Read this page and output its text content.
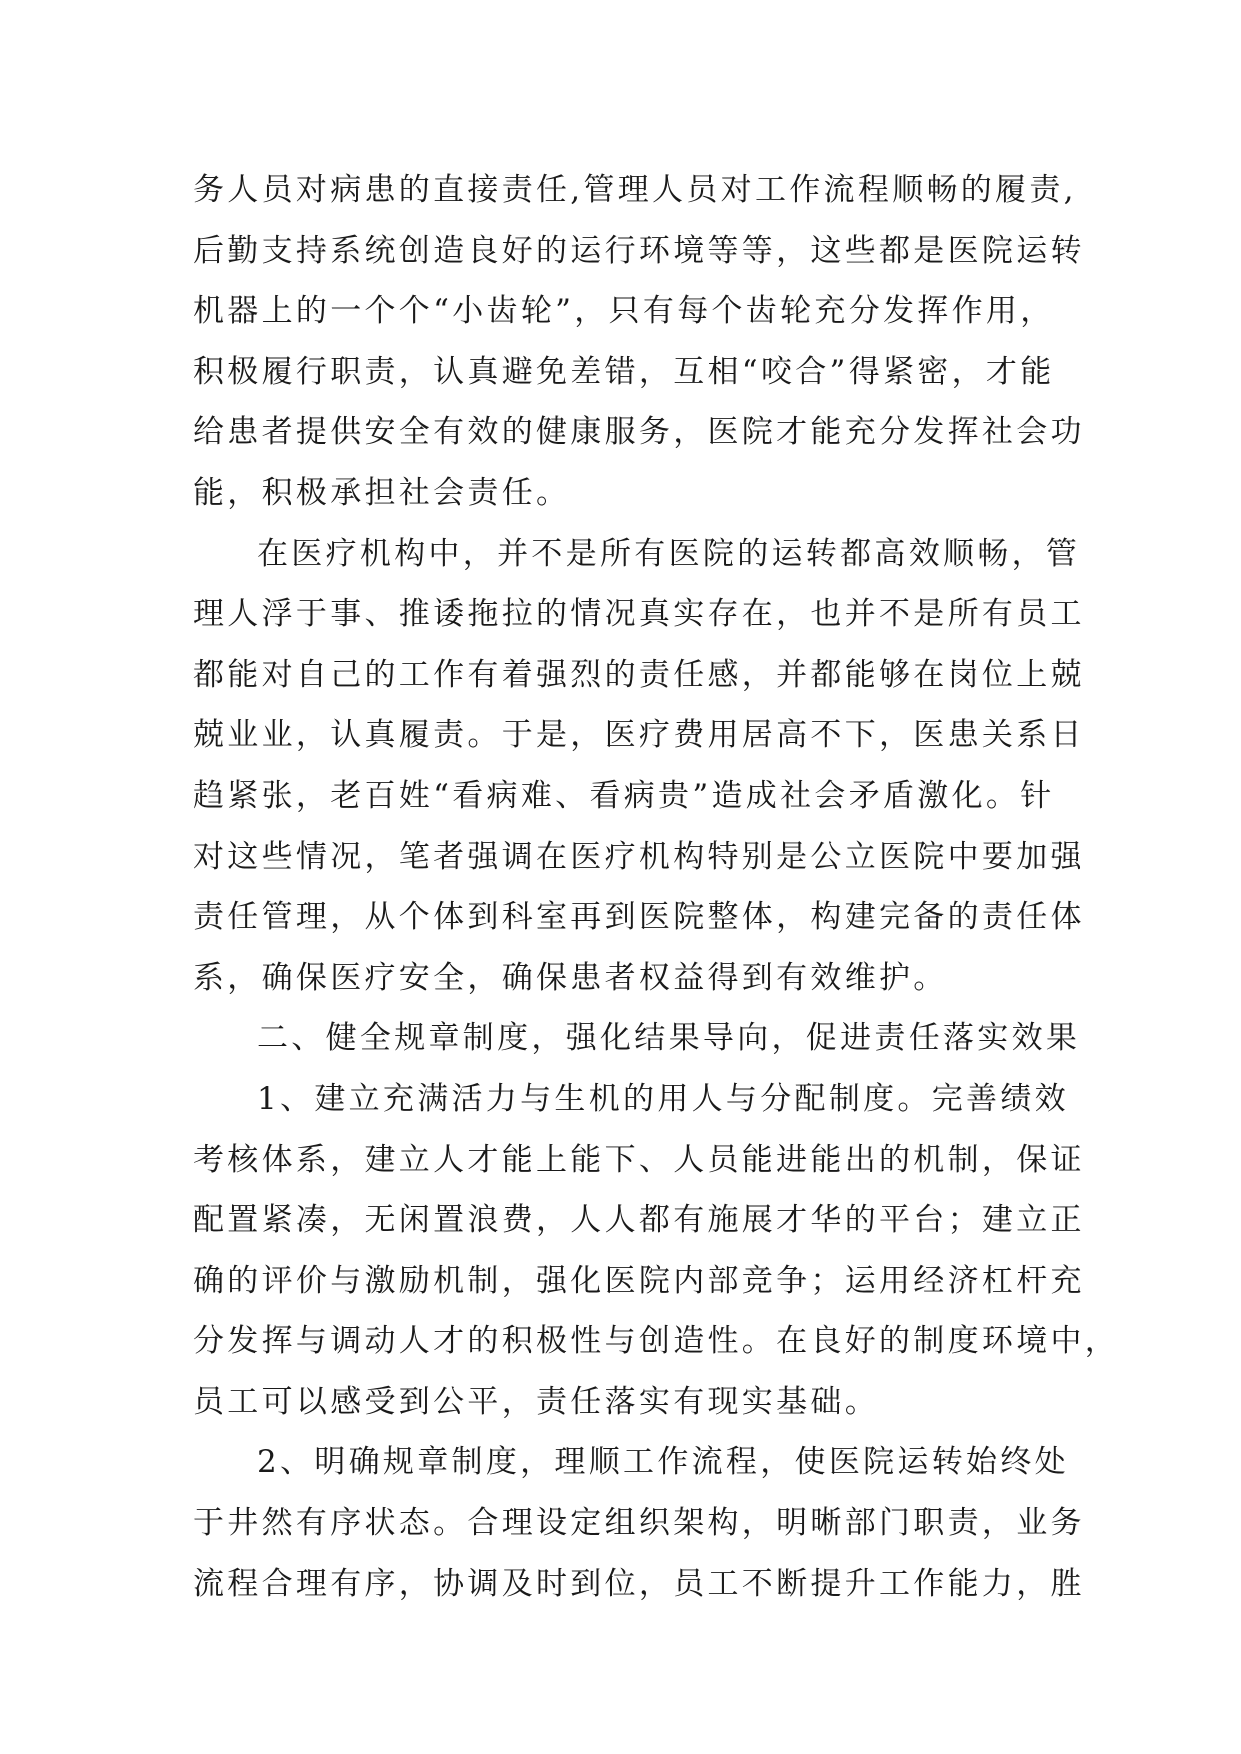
务人员对病患的直接责任,管理人员对工作流程顺畅的履责,
后勤支持系统创造良好的运行环境等等，这些都是医院运转
机器上的一个个“小齿轮”，只有每个齿轮充分发挥作用，
积极履行职责，认真避免差错，互相“咬合”得紧密，才能
给患者提供安全有效的健康服务，医院才能充分发挥社会功
能，积极承担社会责任。
在医疗机构中，并不是所有医院的运转都高效顺畅，管
理人浮于事、推诿拖拉的情况真实存在，也并不是所有员工
都能对自己的工作有着强烈的责任感，并都能够在岗位上兢
兢业业，认真履责。于是，医疗费用居高不下，医患关系日
趋紧张，老百姓“看病难、看病贵”造成社会矛盾激化。针
对这些情况，笔者强调在医疗机构特别是公立医院中要加强
责任管理，从个体到科室再到医院整体，构建完备的责任体
系，确保医疗安全，确保患者权益得到有效维护。
二、健全规章制度，强化结果导向，促进责任落实效果
1、建立充满活力与生机的用人与分配制度。完善绩效
考核体系，建立人才能上能下、人员能进能出的机制，保证
配置紧凑，无闲置浪费，人人都有施展才华的平台；建立正
确的评价与激励机制，强化医院内部竞争；运用经济杠杆充
分发挥与调动人才的积极性与创造性。在良好的制度环境中，
员工可以感受到公平，责任落实有现实基础。
2、明确规章制度，理顺工作流程，使医院运转始终处
于井然有序状态。合理设定组织架构，明晰部门职责，业务
流程合理有序，协调及时到位，员工不断提升工作能力，胜
